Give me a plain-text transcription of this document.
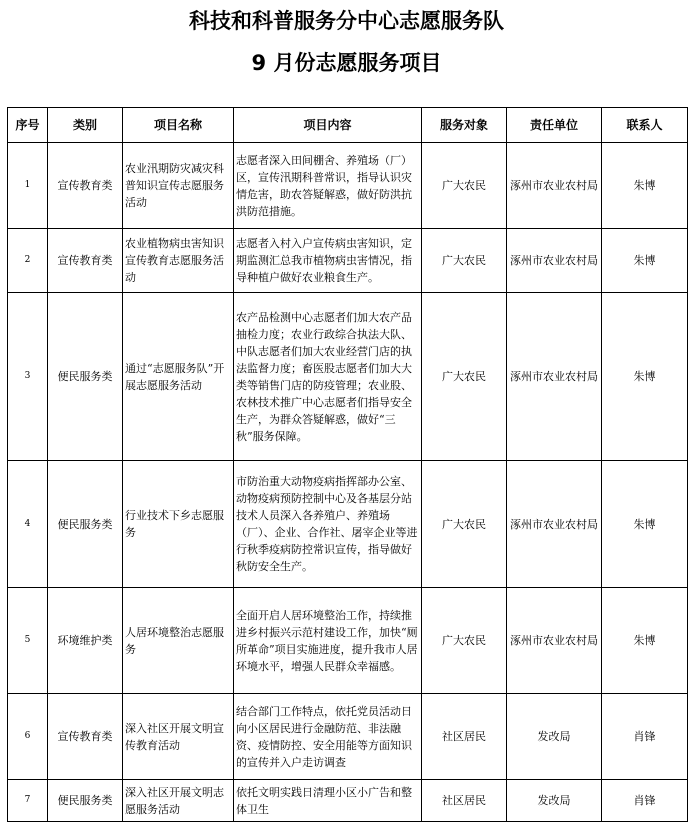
科技和科普服务分中心志愿服务队
9 月份志愿服务项目
序号	类别	项目名称	项目内容	服务对象	责任单位	联系人
1	宣传教育类	农业汛期防灾减灾科普知识宣传志愿服务活动	志愿者深入田间棚舍、养殖场（厂）区，宣传汛期科普常识，指导认识灾情危害，助农答疑解惑，做好防洪抗洪防范措施。	广大农民	涿州市农业农村局	朱博
2	宣传教育类	农业植物病虫害知识宣传教育志愿服务活动	志愿者入村入户宣传病虫害知识，定期监测汇总我市植物病虫害情况，指导种植户做好农业粮食生产。	广大农民	涿州市农业农村局	朱博
3	便民服务类	通过“志愿服务队”开展志愿服务活动	农产品检测中心志愿者们加大农产品抽检力度；农业行政综合执法大队、中队志愿者们加大农业经营门店的执法监督力度；畜医股志愿者们加大大类等销售门店的防疫管理；农业股、农林技术推广中心志愿者们指导安全生产，为群众答疑解惑，做好“三秋”服务保障。	广大农民	涿州市农业农村局	朱博
4	便民服务类	行业技术下乡志愿服务	市防治重大动物疫病指挥部办公室、动物疫病预防控制中心及各基层分站技术人员深入各养殖户、养殖场（厂）、企业、合作社、屠宰企业等进行秋季疫病防控常识宣传，指导做好秋防安全生产。	广大农民	涿州市农业农村局	朱博
5	环境维护类	人居环境整治志愿服务	全面开启人居环境整治工作，持续推进乡村振兴示范村建设工作，加快“厕所革命”项目实施进度，提升我市人居环境水平，增强人民群众幸福感。	广大农民	涿州市农业农村局	朱博
6	宣传教育类	深入社区开展文明宣传教育活动	结合部门工作特点，依托党员活动日向小区居民进行金融防范、非法融资、疫情防控、安全用能等方面知识的宣传并入户走访调查	社区居民	发改局	肖锋
7	便民服务类	深入社区开展文明志愿服务活动	依托文明实践日清理小区小广告和整体卫生	社区居民	发改局	肖锋
